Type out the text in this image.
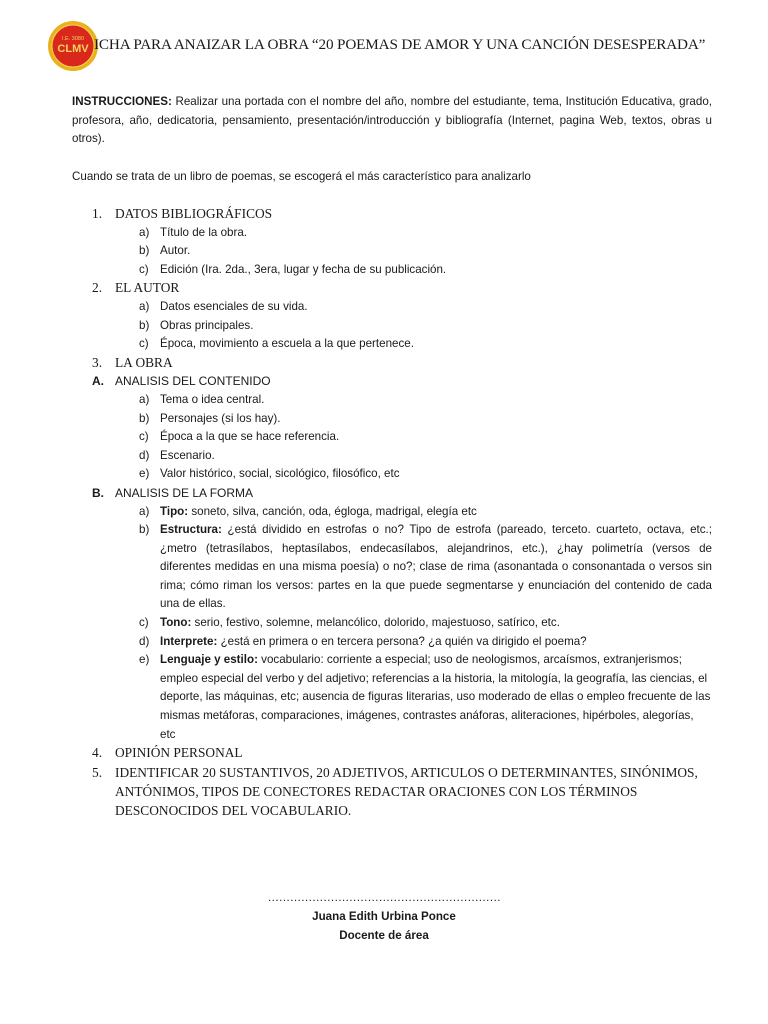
I.E. 3080
CLMV ICHA PARA ANAIZAR LA OBRA “20 POEMAS DE AMOR Y UNA CANCIÓN DESESPERADA”

INSTRUCCIONES: Realizar una portada con el nombre del año, nombre del estudiante, tema, Institución Educativa, grado, profesora, año, dedicatoria, pensamiento, presentación/introducción y bibliografía (Internet, pagina Web, textos, obras u otros).

Cuando se trata de un libro de poemas, se escogerá el más característico para analizarlo

1. DATOS BIBLIOGRÁFICOS
a) Título de la obra.
b) Autor.
c) Edición (Ira. 2da., 3era, lugar y fecha de su publicación.
2. EL AUTOR
a) Datos esenciales de su vida.
b) Obras principales.
c) Época, movimiento a escuela a la que pertenece.
3. LA OBRA
A. ANALISIS DEL CONTENIDO
a) Tema o idea central.
b) Personajes (si los hay).
c) Época a la que se hace referencia.
d) Escenario.
e) Valor histórico, social, sicológico, filosófico, etc
B. ANALISIS DE LA FORMA
a) Tipo: soneto, silva, canción, oda, égloga, madrigal, elegía etc
b) Estructura: ¿está dividido en estrofas o no? Tipo de estrofa (pareado, terceto. cuarteto, octava, etc.; ¿metro (tetrasílabos, heptasílabos, endecasílabos, alejandrinos, etc.), ¿hay polimetría (versos de diferentes medidas en una misma poesía) o no?; clase de rima (asonantada o consonantada o versos sin rima; cómo riman los versos: partes en la que puede segmentarse y enunciación del contenido de cada una de ellas.
c) Tono: serio, festivo, solemne, melancólico, dolorido, majestuoso, satírico, etc.
d) Interprete: ¿está en primera o en tercera persona? ¿a quién va dirigido el poema?
e) Lenguaje y estilo: vocabulario: corriente a especial; uso de neologismos, arcaísmos, extranjerismos; empleo especial del verbo y del adjetivo; referencias a la historia, la mitología, la geografía, las ciencias, el deporte, las máquinas, etc; ausencia de figuras literarias, uso moderado de ellas o empleo frecuente de las mismas metáforas, comparaciones, imágenes, contrastes anáforas, aliteraciones, hipérboles, alegorías, etc
4. OPINIÓN PERSONAL
5. IDENTIFICAR 20 SUSTANTIVOS, 20 ADJETIVOS, ARTICULOS O DETERMINANTES, SINÓNIMOS, ANTÓNIMOS, TIPOS DE CONECTORES REDACTAR ORACIONES CON LOS TÉRMINOS DESCONOCIDOS DEL VOCABULARIO.
………………………………………………………
Juana Edith Urbina Ponce
Docente de área
